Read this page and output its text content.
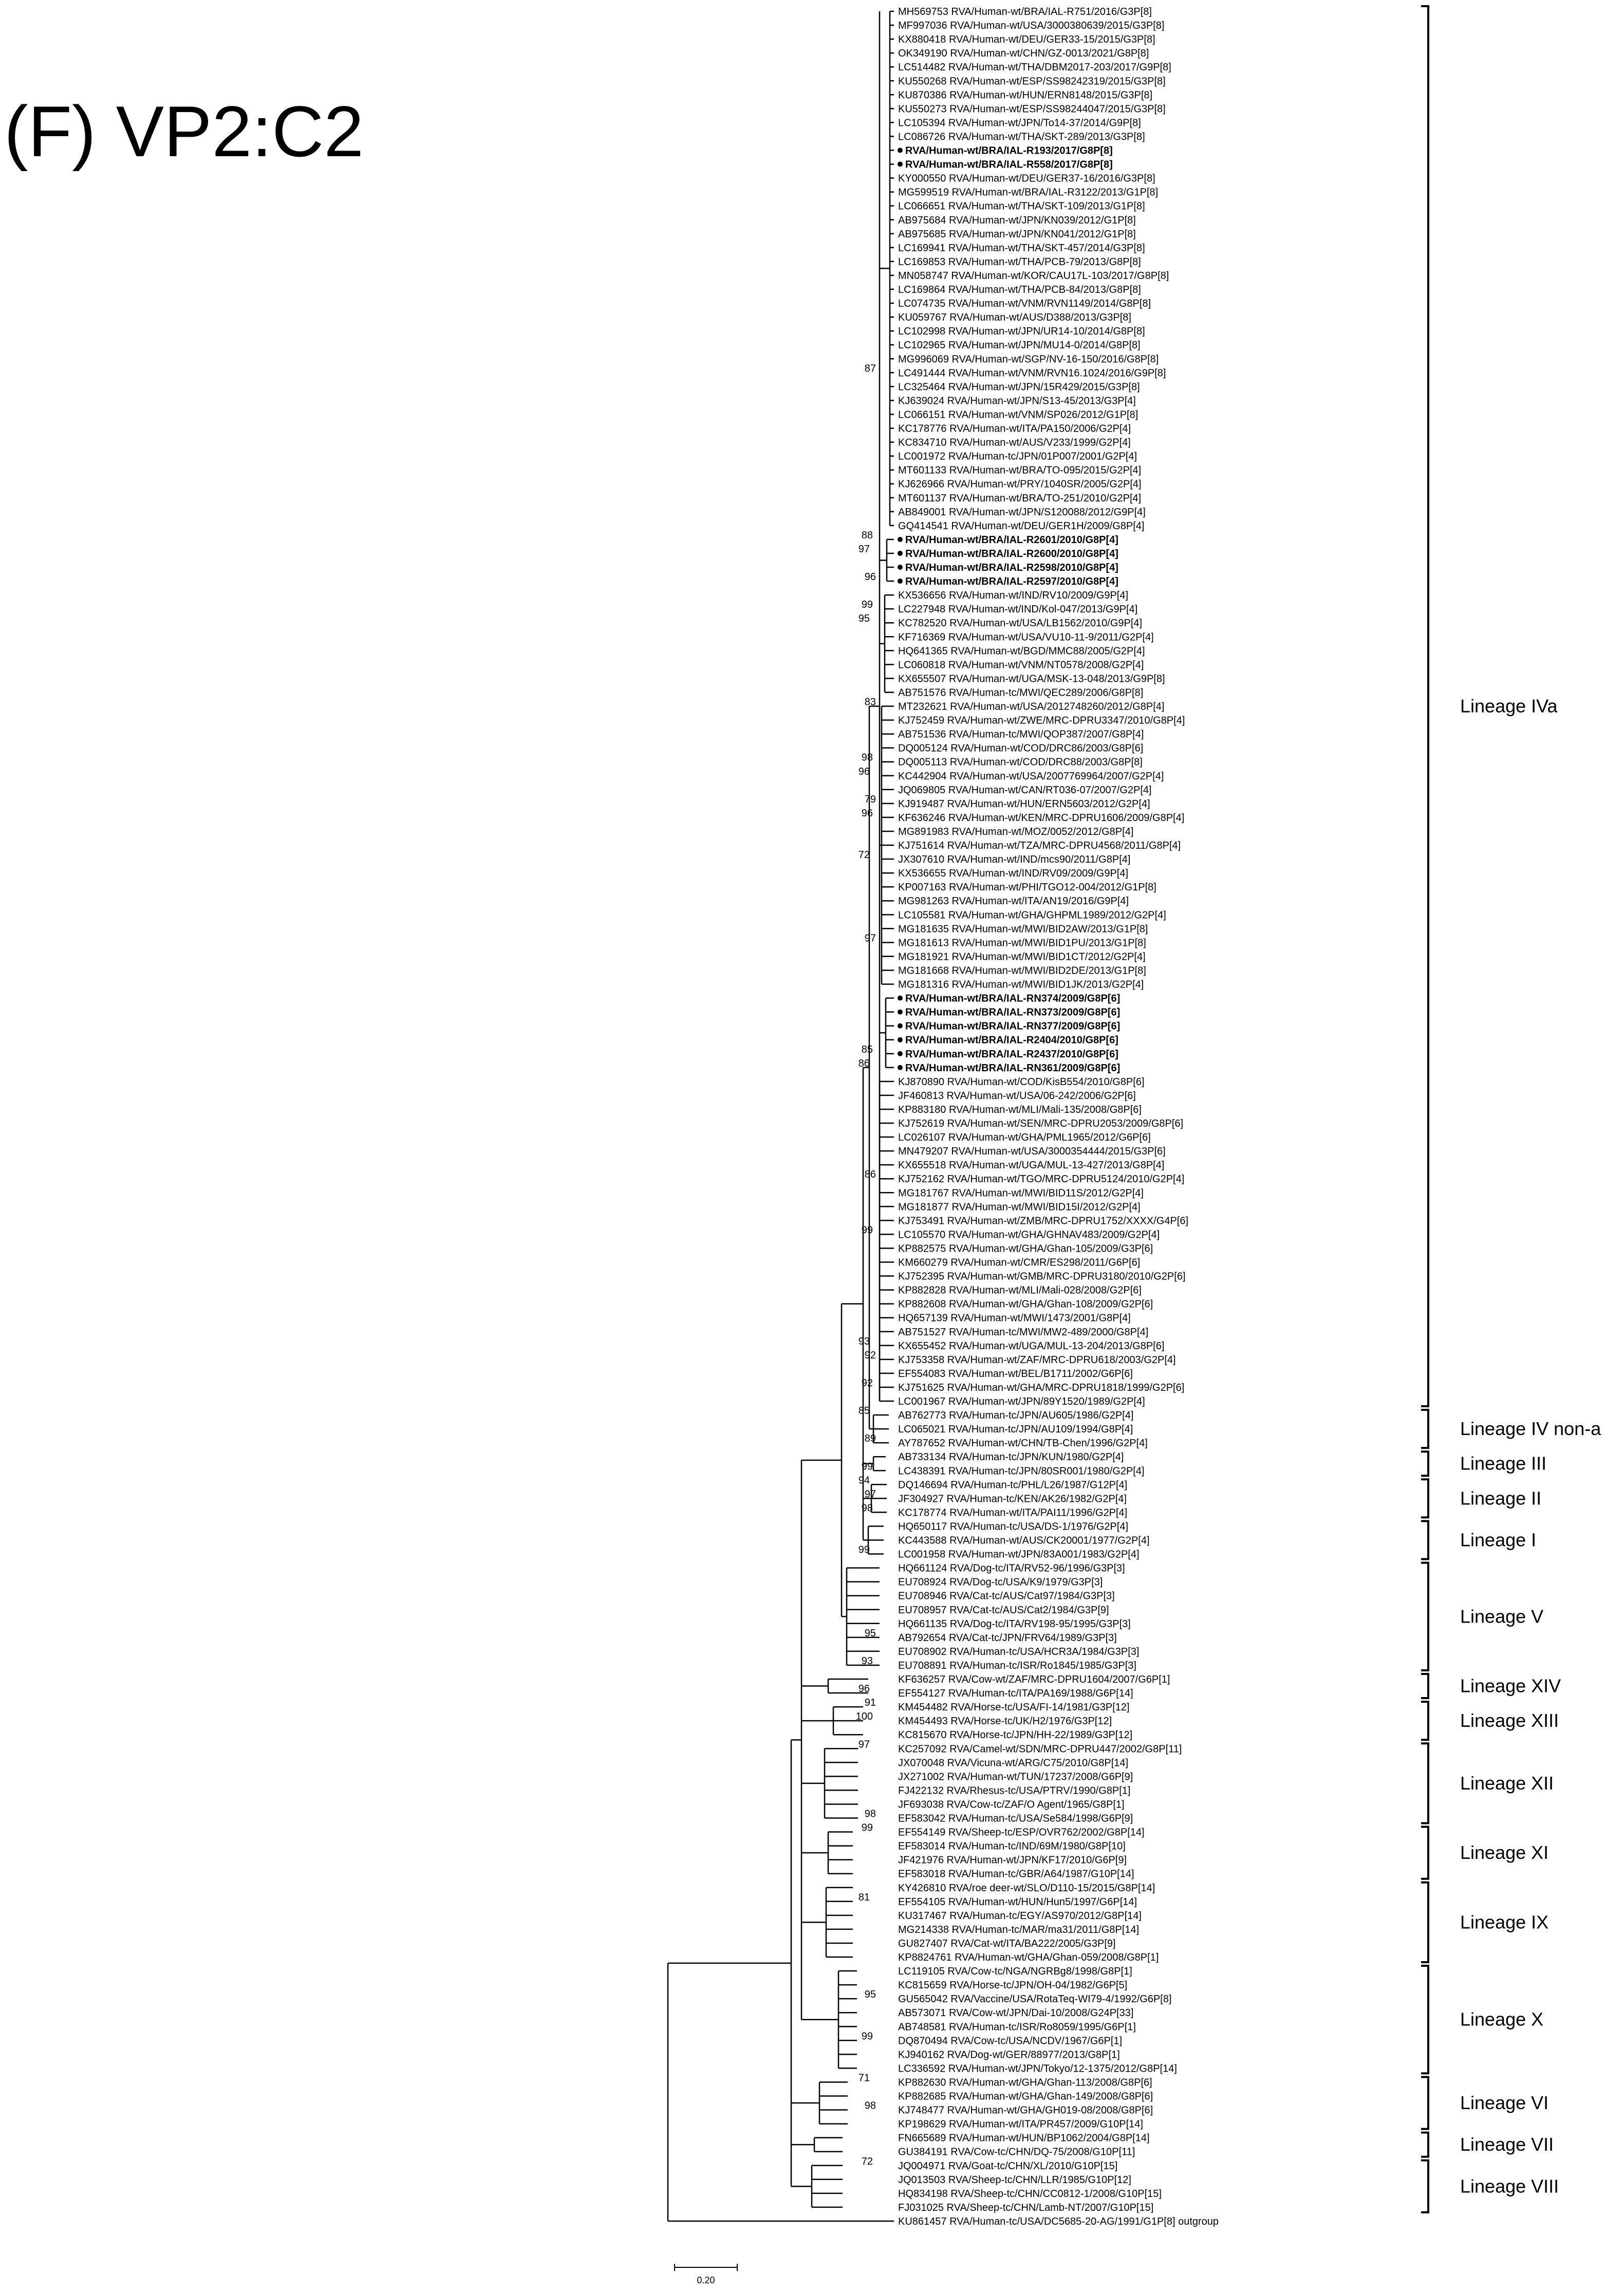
(F) VP2:C2
87
88
97
96
99
95
83
98
96
79
96
72
97
85
86
86
99
93
92
92
85
89
99
94
97
98
99
95
93
96
91
100
97
98
99
81
95
99
71
98
72
MH569753 RVA/Human-wt/BRA/IAL-R751/2016/G3P[8]
MF997036 RVA/Human-wt/USA/3000380639/2015/G3P[8]
KX880418 RVA/Human-wt/DEU/GER33-15/2015/G3P[8]
OK349190 RVA/Human-wt/CHN/GZ-0013/2021/G8P[8]
LC514482 RVA/Human-wt/THA/DBM2017-203/2017/G9P[8]
KU550268 RVA/Human-wt/ESP/SS98242319/2015/G3P[8]
KU870386 RVA/Human-wt/HUN/ERN8148/2015/G3P[8]
KU550273 RVA/Human-wt/ESP/SS98244047/2015/G3P[8]
LC105394 RVA/Human-wt/JPN/To14-37/2014/G9P[8]
LC086726 RVA/Human-wt/THA/SKT-289/2013/G3P[8]
RVA/Human-wt/BRA/IAL-R193/2017/G8P[8]
RVA/Human-wt/BRA/IAL-R558/2017/G8P[8]
KY000550 RVA/Human-wt/DEU/GER37-16/2016/G3P[8]
MG599519 RVA/Human-wt/BRA/IAL-R3122/2013/G1P[8]
LC066651 RVA/Human-wt/THA/SKT-109/2013/G1P[8]
AB975684 RVA/Human-wt/JPN/KN039/2012/G1P[8]
AB975685 RVA/Human-wt/JPN/KN041/2012/G1P[8]
LC169941 RVA/Human-wt/THA/SKT-457/2014/G3P[8]
LC169853 RVA/Human-wt/THA/PCB-79/2013/G8P[8]
MN058747 RVA/Human-wt/KOR/CAU17L-103/2017/G8P[8]
LC169864 RVA/Human-wt/THA/PCB-84/2013/G8P[8]
LC074735 RVA/Human-wt/VNM/RVN1149/2014/G8P[8]
KU059767 RVA/Human-wt/AUS/D388/2013/G3P[8]
LC102998 RVA/Human-wt/JPN/UR14-10/2014/G8P[8]
LC102965 RVA/Human-wt/JPN/MU14-0/2014/G8P[8]
MG996069 RVA/Human-wt/SGP/NV-16-150/2016/G8P[8]
LC491444 RVA/Human-wt/VNM/RVN16.1024/2016/G9P[8]
LC325464 RVA/Human-wt/JPN/15R429/2015/G3P[8]
KJ639024 RVA/Human-wt/JPN/S13-45/2013/G3P[4]
LC066151 RVA/Human-wt/VNM/SP026/2012/G1P[8]
KC178776 RVA/Human-wt/ITA/PA150/2006/G2P[4]
KC834710 RVA/Human-wt/AUS/V233/1999/G2P[4]
LC001972 RVA/Human-tc/JPN/01P007/2001/G2P[4]
MT601133 RVA/Human-wt/BRA/TO-095/2015/G2P[4]
KJ626966 RVA/Human-wt/PRY/1040SR/2005/G2P[4]
MT601137 RVA/Human-wt/BRA/TO-251/2010/G2P[4]
AB849001 RVA/Human-wt/JPN/S120088/2012/G9P[4]
GQ414541 RVA/Human-wt/DEU/GER1H/2009/G8P[4]
RVA/Human-wt/BRA/IAL-R2601/2010/G8P[4]
RVA/Human-wt/BRA/IAL-R2600/2010/G8P[4]
RVA/Human-wt/BRA/IAL-R2598/2010/G8P[4]
RVA/Human-wt/BRA/IAL-R2597/2010/G8P[4]
KX536656 RVA/Human-wt/IND/RV10/2009/G9P[4]
LC227948 RVA/Human-wt/IND/Kol-047/2013/G9P[4]
KC782520 RVA/Human-wt/USA/LB1562/2010/G9P[4]
KF716369 RVA/Human-wt/USA/VU10-11-9/2011/G2P[4]
HQ641365 RVA/Human-wt/BGD/MMC88/2005/G2P[4]
LC060818 RVA/Human-wt/VNM/NT0578/2008/G2P[4]
KX655507 RVA/Human-wt/UGA/MSK-13-048/2013/G9P[8]
AB751576 RVA/Human-tc/MWI/QEC289/2006/G8P[8]
MT232621 RVA/Human-wt/USA/2012748260/2012/G8P[4]
KJ752459 RVA/Human-wt/ZWE/MRC-DPRU3347/2010/G8P[4]
AB751536 RVA/Human-tc/MWI/QOP387/2007/G8P[4]
DQ005124 RVA/Human-wt/COD/DRC86/2003/G8P[6]
DQ005113 RVA/Human-wt/COD/DRC88/2003/G8P[8]
KC442904 RVA/Human-wt/USA/2007769964/2007/G2P[4]
JQ069805 RVA/Human-wt/CAN/RT036-07/2007/G2P[4]
KJ919487 RVA/Human-wt/HUN/ERN5603/2012/G2P[4]
KF636246 RVA/Human-wt/KEN/MRC-DPRU1606/2009/G8P[4]
MG891983 RVA/Human-wt/MOZ/0052/2012/G8P[4]
KJ751614 RVA/Human-wt/TZA/MRC-DPRU4568/2011/G8P[4]
JX307610 RVA/Human-wt/IND/mcs90/2011/G8P[4]
KX536655 RVA/Human-wt/IND/RV09/2009/G9P[4]
KP007163 RVA/Human-wt/PHI/TGO12-004/2012/G1P[8]
MG981263 RVA/Human-wt/ITA/AN19/2016/G9P[4]
LC105581 RVA/Human-wt/GHA/GHPML1989/2012/G2P[4]
MG181635 RVA/Human-wt/MWI/BID2AW/2013/G1P[8]
MG181613 RVA/Human-wt/MWI/BID1PU/2013/G1P[8]
MG181921 RVA/Human-wt/MWI/BID1CT/2012/G2P[4]
MG181668 RVA/Human-wt/MWI/BID2DE/2013/G1P[8]
MG181316 RVA/Human-wt/MWI/BID1JK/2013/G2P[4]
RVA/Human-wt/BRA/IAL-RN374/2009/G8P[6]
RVA/Human-wt/BRA/IAL-RN373/2009/G8P[6]
RVA/Human-wt/BRA/IAL-RN377/2009/G8P[6]
RVA/Human-wt/BRA/IAL-R2404/2010/G8P[6]
RVA/Human-wt/BRA/IAL-R2437/2010/G8P[6]
RVA/Human-wt/BRA/IAL-RN361/2009/G8P[6]
KJ870890 RVA/Human-wt/COD/KisB554/2010/G8P[6]
JF460813 RVA/Human-wt/USA/06-242/2006/G2P[6]
KP883180 RVA/Human-wt/MLI/Mali-135/2008/G8P[6]
KJ752619 RVA/Human-wt/SEN/MRC-DPRU2053/2009/G8P[6]
LC026107 RVA/Human-wt/GHA/PML1965/2012/G6P[6]
MN479207 RVA/Human-wt/USA/3000354444/2015/G3P[6]
KX655518 RVA/Human-wt/UGA/MUL-13-427/2013/G8P[4]
KJ752162 RVA/Human-wt/TGO/MRC-DPRU5124/2010/G2P[4]
MG181767 RVA/Human-wt/MWI/BID11S/2012/G2P[4]
MG181877 RVA/Human-wt/MWI/BID15I/2012/G2P[4]
KJ753491 RVA/Human-wt/ZMB/MRC-DPRU1752/XXXX/G4P[6]
LC105570 RVA/Human-wt/GHA/GHNAV483/2009/G2P[4]
KP882575 RVA/Human-wt/GHA/Ghan-105/2009/G3P[6]
KM660279 RVA/Human-wt/CMR/ES298/2011/G6P[6]
KJ752395 RVA/Human-wt/GMB/MRC-DPRU3180/2010/G2P[6]
KP882828 RVA/Human-wt/MLI/Mali-028/2008/G2P[6]
KP882608 RVA/Human-wt/GHA/Ghan-108/2009/G2P[6]
HQ657139 RVA/Human-wt/MWI/1473/2001/G8P[4]
AB751527 RVA/Human-tc/MWI/MW2-489/2000/G8P[4]
KX655452 RVA/Human-wt/UGA/MUL-13-204/2013/G8P[6]
KJ753358 RVA/Human-wt/ZAF/MRC-DPRU618/2003/G2P[4]
EF554083 RVA/Human-wt/BEL/B1711/2002/G6P[6]
KJ751625 RVA/Human-wt/GHA/MRC-DPRU1818/1999/G2P[6]
LC001967 RVA/Human-wt/JPN/89Y1520/1989/G2P[4]
AB762773 RVA/Human-tc/JPN/AU605/1986/G2P[4]
LC065021 RVA/Human-tc/JPN/AU109/1994/G8P[4]
AY787652 RVA/Human-wt/CHN/TB-Chen/1996/G2P[4]
AB733134 RVA/Human-tc/JPN/KUN/1980/G2P[4]
LC438391 RVA/Human-tc/JPN/80SR001/1980/G2P[4]
DQ146694 RVA/Human-tc/PHL/L26/1987/G12P[4]
JF304927 RVA/Human-tc/KEN/AK26/1982/G2P[4]
KC178774 RVA/Human-wt/ITA/PAI11/1996/G2P[4]
HQ650117 RVA/Human-tc/USA/DS-1/1976/G2P[4]
KC443588 RVA/Human-wt/AUS/CK20001/1977/G2P[4]
LC001958 RVA/Human-wt/JPN/83A001/1983/G2P[4]
HQ661124 RVA/Dog-tc/ITA/RV52-96/1996/G3P[3]
EU708924 RVA/Dog-tc/USA/K9/1979/G3P[3]
EU708946 RVA/Cat-tc/AUS/Cat97/1984/G3P[3]
EU708957 RVA/Cat-tc/AUS/Cat2/1984/G3P[9]
HQ661135 RVA/Dog-tc/ITA/RV198-95/1995/G3P[3]
AB792654 RVA/Cat-tc/JPN/FRV64/1989/G3P[3]
EU708902 RVA/Human-tc/USA/HCR3A/1984/G3P[3]
EU708891 RVA/Human-tc/ISR/Ro1845/1985/G3P[3]
KF636257 RVA/Cow-wt/ZAF/MRC-DPRU1604/2007/G6P[1]
EF554127 RVA/Human-tc/ITA/PA169/1988/G6P[14]
KM454482 RVA/Horse-tc/USA/FI-14/1981/G3P[12]
KM454493 RVA/Horse-tc/UK/H2/1976/G3P[12]
KC815670 RVA/Horse-tc/JPN/HH-22/1989/G3P[12]
KC257092 RVA/Camel-wt/SDN/MRC-DPRU447/2002/G8P[11]
JX070048 RVA/Vicuna-wt/ARG/C75/2010/G8P[14]
JX271002 RVA/Human-wt/TUN/17237/2008/G6P[9]
FJ422132 RVA/Rhesus-tc/USA/PTRV/1990/G8P[1]
JF693038 RVA/Cow-tc/ZAF/O Agent/1965/G8P[1]
EF583042 RVA/Human-tc/USA/Se584/1998/G6P[9]
EF554149 RVA/Sheep-tc/ESP/OVR762/2002/G8P[14]
EF583014 RVA/Human-tc/IND/69M/1980/G8P[10]
JF421976 RVA/Human-wt/JPN/KF17/2010/G6P[9]
EF583018 RVA/Human-tc/GBR/A64/1987/G10P[14]
KY426810 RVA/roe deer-wt/SLO/D110-15/2015/G8P[14]
EF554105 RVA/Human-wt/HUN/Hun5/1997/G6P[14]
KU317467 RVA/Human-tc/EGY/AS970/2012/G8P[14]
MG214338 RVA/Human-tc/MAR/ma31/2011/G8P[14]
GU827407 RVA/Cat-wt/ITA/BA222/2005/G3P[9]
KP8824761 RVA/Human-wt/GHA/Ghan-059/2008/G8P[1]
LC119105 RVA/Cow-tc/NGA/NGRBg8/1998/G8P[1]
KC815659 RVA/Horse-tc/JPN/OH-04/1982/G6P[5]
GU565042 RVA/Vaccine/USA/RotaTeq-WI79-4/1992/G6P[8]
AB573071 RVA/Cow-wt/JPN/Dai-10/2008/G24P[33]
AB748581 RVA/Human-tc/ISR/Ro8059/1995/G6P[1]
DQ870494 RVA/Cow-tc/USA/NCDV/1967/G6P[1]
KJ940162 RVA/Dog-wt/GER/88977/2013/G8P[1]
LC336592 RVA/Human-wt/JPN/Tokyo/12-1375/2012/G8P[14]
KP882630 RVA/Human-wt/GHA/Ghan-113/2008/G8P[6]
KP882685 RVA/Human-wt/GHA/Ghan-149/2008/G8P[6]
KJ748477 RVA/Human-wt/GHA/GH019-08/2008/G8P[6]
KP198629 RVA/Human-wt/ITA/PR457/2009/G10P[14]
FN665689 RVA/Human-wt/HUN/BP1062/2004/G8P[14]
GU384191 RVA/Cow-tc/CHN/DQ-75/2008/G10P[11]
JQ004971 RVA/Goat-tc/CHN/XL/2010/G10P[15]
JQ013503 RVA/Sheep-tc/CHN/LLR/1985/G10P[12]
HQ834198 RVA/Sheep-tc/CHN/CC0812-1/2008/G10P[15]
FJ031025 RVA/Sheep-tc/CHN/Lamb-NT/2007/G10P[15]
KU861457 RVA/Human-tc/USA/DC5685-20-AG/1991/G1P[8] outgroup
Lineage IVa
Lineage IV non-a
Lineage III
Lineage II
Lineage I
Lineage V
Lineage XIV
Lineage XIII
Lineage XII
Lineage XI
Lineage IX
Lineage X
Lineage VI
Lineage VII
Lineage VIII
0.20
